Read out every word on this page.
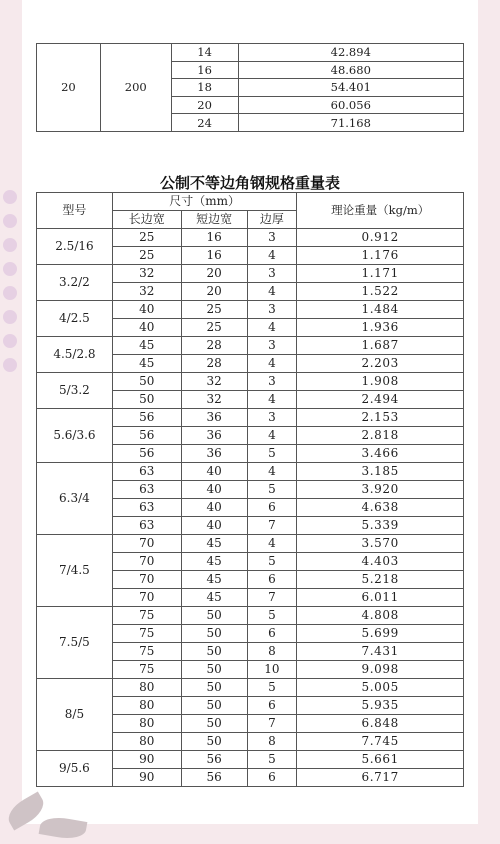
20	200	14	42.894
		16	48.680
		18	54.401
		20	60.056
		24	71.168
公制不等边角钢规格重量表
型号	尺寸（mm）			理论重量（kg/m）
	长边宽	短边宽	边厚	
2.5/16	25	16	3	0.912
	25	16	4	1.176
3.2/2	32	20	3	1.171
	32	20	4	1.522
4/2.5	40	25	3	1.484
	40	25	4	1.936
4.5/2.8	45	28	3	1.687
	45	28	4	2.203
5/3.2	50	32	3	1.908
	50	32	4	2.494
5.6/3.6	56	36	3	2.153
	56	36	4	2.818
	56	36	5	3.466
6.3/4	63	40	4	3.185
	63	40	5	3.920
	63	40	6	4.638
	63	40	7	5.339
7/4.5	70	45	4	3.570
	70	45	5	4.403
	70	45	6	5.218
	70	45	7	6.011
7.5/5	75	50	5	4.808
	75	50	6	5.699
	75	50	8	7.431
	75	50	10	9.098
8/5	80	50	5	5.005
	80	50	6	5.935
	80	50	7	6.848
	80	50	8	7.745
9/5.6	90	56	5	5.661
	90	56	6	6.717
